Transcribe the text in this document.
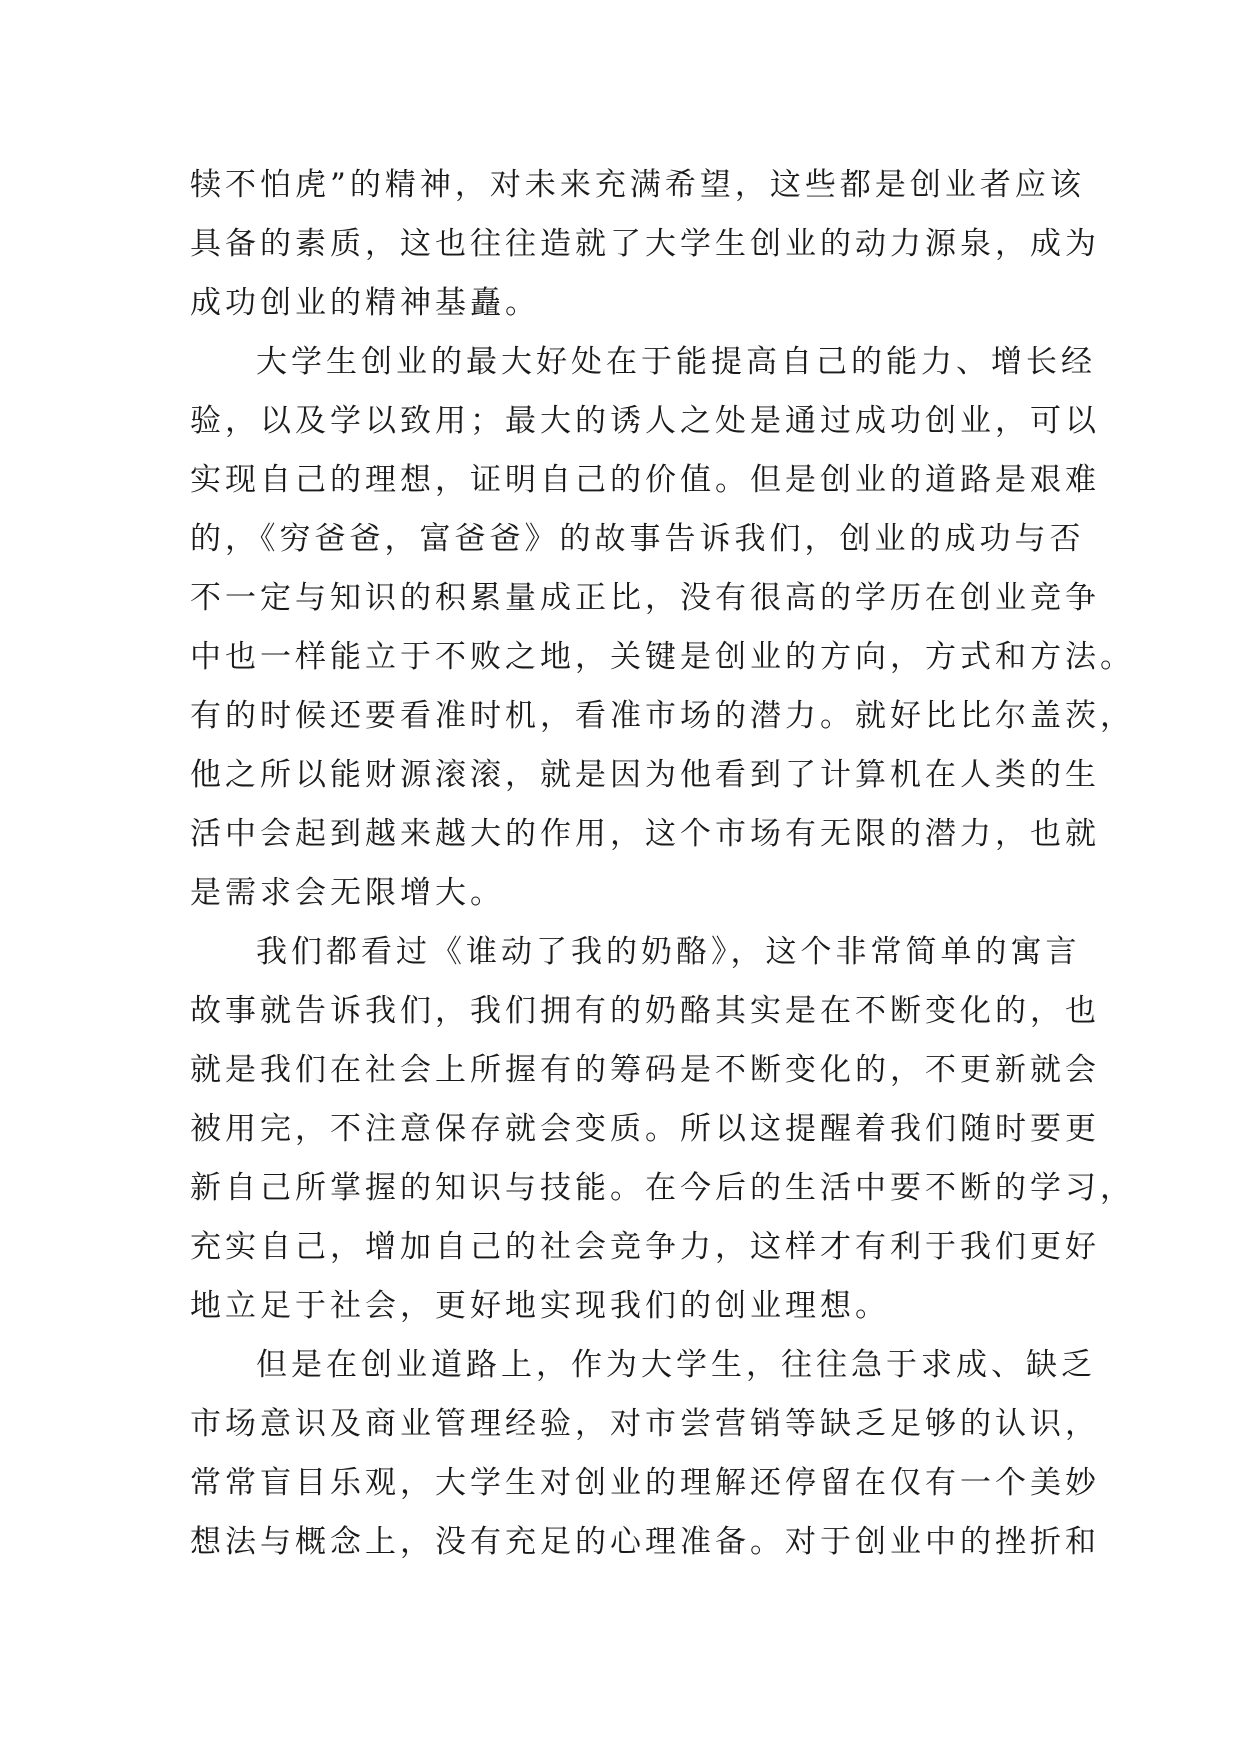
犊不怕虎”的精神，对未来充满希望，这些都是创业者应该
具备的素质，这也往往造就了大学生创业的动力源泉，成为
成功创业的精神基矗。
大学生创业的最大好处在于能提高自己的能力、增长经
验，以及学以致用；最大的诱人之处是通过成功创业，可以
实现自己的理想，证明自己的价值。但是创业的道路是艰难
的，《穷爸爸，富爸爸》的故事告诉我们，创业的成功与否
不一定与知识的积累量成正比，没有很高的学历在创业竞争
中也一样能立于不败之地，关键是创业的方向，方式和方法。
有的时候还要看准时机，看准市场的潜力。就好比比尔盖茨，
他之所以能财源滚滚，就是因为他看到了计算机在人类的生
活中会起到越来越大的作用，这个市场有无限的潜力，也就
是需求会无限增大。
我们都看过《谁动了我的奶酪》，这个非常简单的寓言
故事就告诉我们，我们拥有的奶酪其实是在不断变化的，也
就是我们在社会上所握有的筹码是不断变化的，不更新就会
被用完，不注意保存就会变质。所以这提醒着我们随时要更
新自己所掌握的知识与技能。在今后的生活中要不断的学习，
充实自己，增加自己的社会竞争力，这样才有利于我们更好
地立足于社会，更好地实现我们的创业理想。
但是在创业道路上，作为大学生，往往急于求成、缺乏
市场意识及商业管理经验，对市尝营销等缺乏足够的认识，
常常盲目乐观，大学生对创业的理解还停留在仅有一个美妙
想法与概念上，没有充足的心理准备。对于创业中的挫折和
